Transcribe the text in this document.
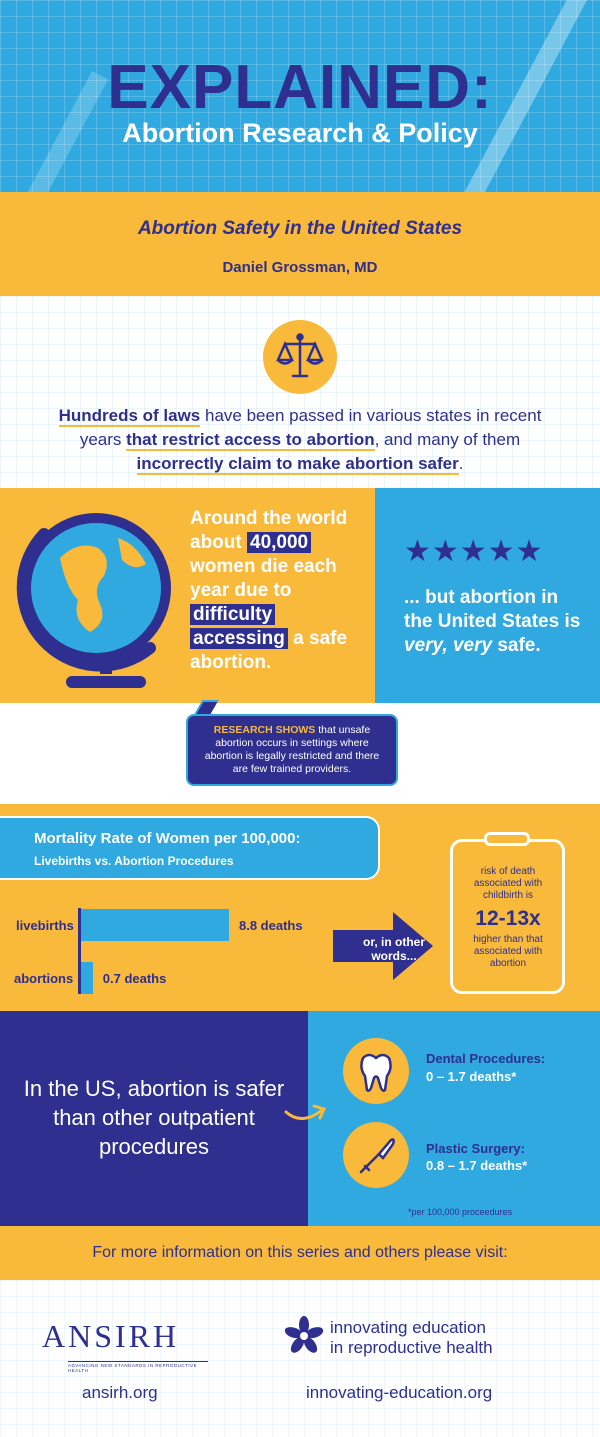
EXPLAINED:
Abortion Research & Policy
Abortion Safety in the United States
Daniel Grossman, MD
Hundreds of laws have been passed in various states in recent years that restrict access to abortion, and many of them incorrectly claim to make abortion safer.
Around the world about 40,000 women die each year due to difficulty accessing a safe abortion.
★★★★★
... but abortion in the United States is very, very safe.
RESEARCH SHOWS that unsafe abortion occurs in settings where abortion is legally restricted and there are few trained providers.
Mortality Rate of Women per 100,000:
Livebirths vs. Abortion Procedures
livebirths
abortions
8.8 deaths
0.7 deaths
or, in other words...
risk of death associated with childbirth is
12-13x
higher than that associated with abortion
In the US, abortion is safer than other outpatient procedures
Dental Procedures:
0 – 1.7 deaths*
Plastic Surgery:
0.8 – 1.7 deaths*
*per 100,000 proceedures
For more information on this series and others please visit:
ANSIRH
ADVANCING NEW STANDARDS IN REPRODUCTIVE HEALTH
ansirh.org
innovating education
in reproductive health
innovating-education.org
